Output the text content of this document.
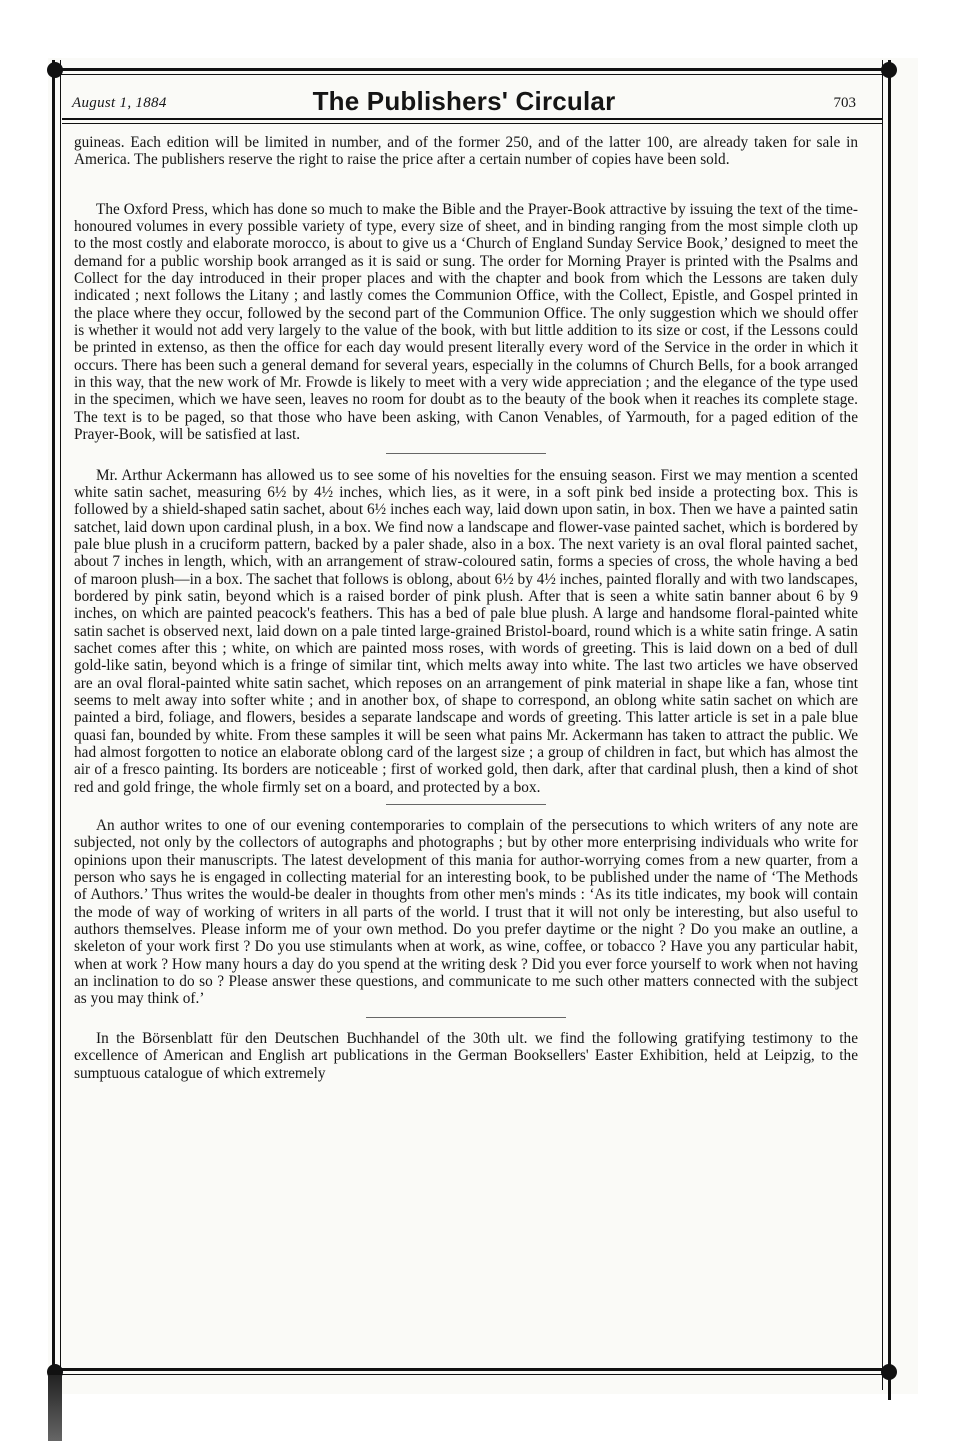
August 1, 1884	The Publishers' Circular	703

guineas. Each edition will be limited in number, and of the former 250, and of the latter 100, are already taken for sale in America. The publishers reserve the right to raise the price after a certain number of copies have been sold.

The Oxford Press, which has done so much to make the Bible and the Prayer-Book attractive by issuing the text of the time-honoured volumes in every possible variety of type, every size of sheet, and in binding ranging from the most simple cloth up to the most costly and elaborate morocco, is about to give us a ‘Church of England Sunday Service Book,’ designed to meet the demand for a public worship book arranged as it is said or sung. The order for Morning Prayer is printed with the Psalms and Collect for the day introduced in their proper places and with the chapter and book from which the Lessons are taken duly indicated ; next follows the Litany ; and lastly comes the Communion Office, with the Collect, Epistle, and Gospel printed in the place where they occur, followed by the second part of the Communion Office. The only suggestion which we should offer is whether it would not add very largely to the value of the book, with but little addition to its size or cost, if the Lessons could be printed in extenso, as then the office for each day would present literally every word of the Service in the order in which it occurs. There has been such a general demand for several years, especially in the columns of Church Bells, for a book arranged in this way, that the new work of Mr. Frowde is likely to meet with a very wide appreciation ; and the elegance of the type used in the specimen, which we have seen, leaves no room for doubt as to the beauty of the book when it reaches its complete stage. The text is to be paged, so that those who have been asking, with Canon Venables, of Yarmouth, for a paged edition of the Prayer-Book, will be satisfied at last.

Mr. Arthur Ackermann has allowed us to see some of his novelties for the ensuing season. First we may mention a scented white satin sachet, measuring 6½ by 4½ inches, which lies, as it were, in a soft pink bed inside a protecting box. This is followed by a shield-shaped satin sachet, about 6½ inches each way, laid down upon satin, in box. Then we have a painted satin satchet, laid down upon cardinal plush, in a box. We find now a landscape and flower-vase painted sachet, which is bordered by pale blue plush in a cruciform pattern, backed by a paler shade, also in a box. The next variety is an oval floral painted sachet, about 7 inches in length, which, with an arrangement of straw-coloured satin, forms a species of cross, the whole having a bed of maroon plush—in a box. The sachet that follows is oblong, about 6½ by 4½ inches, painted florally and with two landscapes, bordered by pink satin, beyond which is a raised border of pink plush. After that is seen a white satin banner about 6 by 9 inches, on which are painted peacock's feathers. This has a bed of pale blue plush. A large and handsome floral-painted white satin sachet is observed next, laid down on a pale tinted large-grained Bristol-board, round which is a white satin fringe. A satin sachet comes after this ; white, on which are painted moss roses, with words of greeting. This is laid down on a bed of dull gold-like satin, beyond which is a fringe of similar tint, which melts away into white. The last two articles we have observed are an oval floral-painted white satin sachet, which reposes on an arrangement of pink material in shape like a fan, whose tint seems to melt away into softer white ; and in another box, of shape to correspond, an oblong white satin sachet on which are painted a bird, foliage, and flowers, besides a separate landscape and words of greeting. This latter article is set in a pale blue quasi fan, bounded by white. From these samples it will be seen what pains Mr. Ackermann has taken to attract the public. We had almost forgotten to notice an elaborate oblong card of the largest size ; a group of children in fact, but which has almost the air of a fresco painting. Its borders are noticeable ; first of worked gold, then dark, after that cardinal plush, then a kind of shot red and gold fringe, the whole firmly set on a board, and protected by a box.

An author writes to one of our evening contemporaries to complain of the persecutions to which writers of any note are subjected, not only by the collectors of autographs and photographs ; but by other more enterprising individuals who write for opinions upon their manuscripts. The latest development of this mania for author-worrying comes from a new quarter, from a person who says he is engaged in collecting material for an interesting book, to be published under the name of ‘The Methods of Authors.’ Thus writes the would-be dealer in thoughts from other men's minds : ‘As its title indicates, my book will contain the mode of way of working of writers in all parts of the world. I trust that it will not only be interesting, but also useful to authors themselves. Please inform me of your own method. Do you prefer daytime or the night ? Do you make an outline, a skeleton of your work first ? Do you use stimulants when at work, as wine, coffee, or tobacco ? Have you any particular habit, when at work ? How many hours a day do you spend at the writing desk ? Did you ever force yourself to work when not having an inclination to do so ? Please answer these questions, and communicate to me such other matters connected with the subject as you may think of.’

In the Börsenblatt für den Deutschen Buchhandel of the 30th ult. we find the following gratifying testimony to the excellence of American and English art publications in the German Booksellers' Easter Exhibition, held at Leipzig, to the sumptuous catalogue of which extremely
